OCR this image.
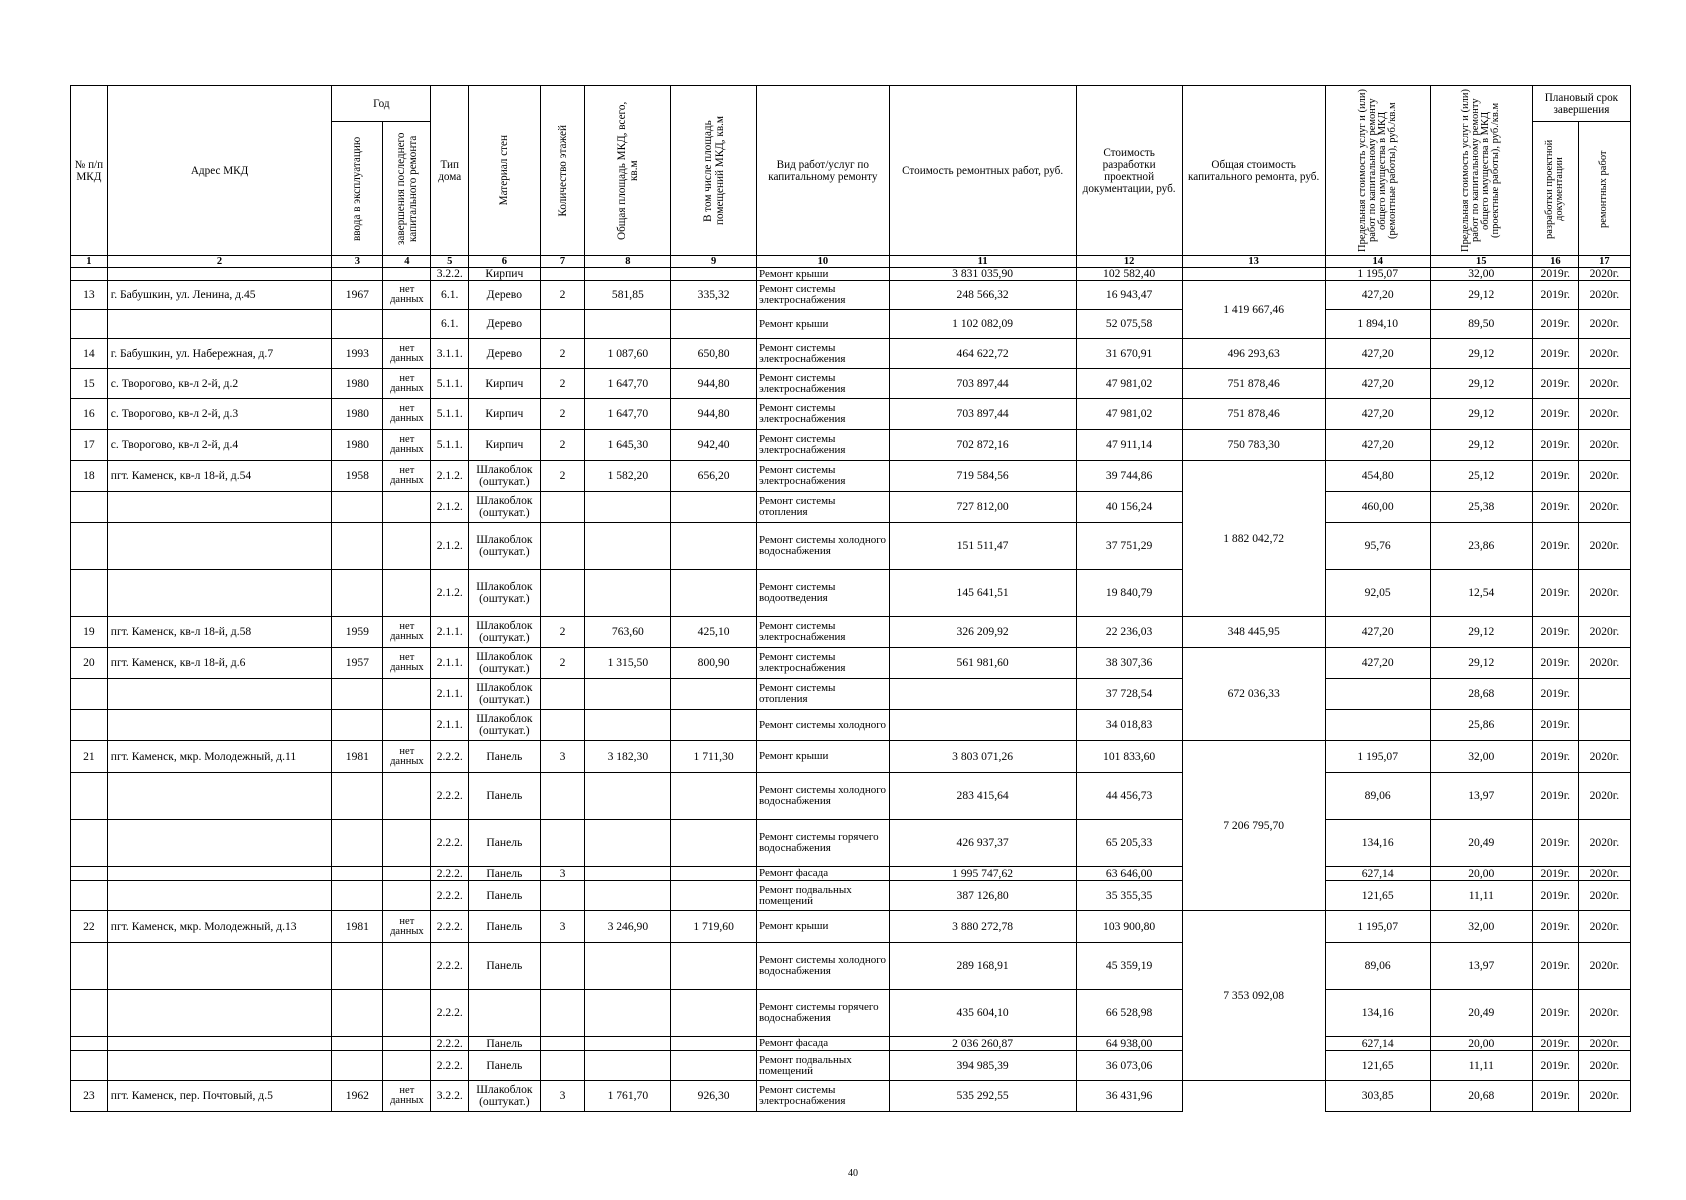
№ п/п МКД	Адрес МКД	Год		Тип дома	Материал стен	Количество этажей	Общая площадь МКД, всего, кв.м	В том числе площадь помещений МКД, кв.м	Вид работ/услуг по капитальному ремонту	Стоимость ремонтных работ, руб.	Стоимость разработки проектной документации, руб.	Общая стоимость капитального ремонта, руб.	Предельная стоимость услуг и (или) работ по капитальному ремонту общего имущества в МКД (ремонтные работы), руб./кв.м	Предельная стоимость услуг и (или) работ по капитальному ремонту общего имущества в МКД (проектные работы), руб./кв.м	Плановый срок завершения	

		ввода в эксплуатацию	завершения последнего капитального ремонта												разработки проектной документации	ремонтных работ

1	2	3	4	5	6	7	8	9	10	11	12	13	14	15	16	17
				3.2.2.	Кирпич				Ремонт крыши	3 831 035,90	102 582,40		1 195,07	32,00	2019г.	2020г.
13	г. Бабушкин, ул. Ленина, д.45	1967	нет данных	6.1.	Дерево	2	581,85	335,32	Ремонт системы электроснабжения	248 566,32	16 943,47	1 419 667,46	427,20	29,12	2019г.	2020г.
				6.1.	Дерево				Ремонт крыши	1 102 082,09	52 075,58		1 894,10	89,50	2019г.	2020г.
14	г. Бабушкин, ул. Набережная, д.7	1993	нет данных	3.1.1.	Дерево	2	1 087,60	650,80	Ремонт системы электроснабжения	464 622,72	31 670,91	496 293,63	427,20	29,12	2019г.	2020г.
15	с. Творогово, кв-л 2-й, д.2	1980	нет данных	5.1.1.	Кирпич	2	1 647,70	944,80	Ремонт системы электроснабжения	703 897,44	47 981,02	751 878,46	427,20	29,12	2019г.	2020г.
16	с. Творогово, кв-л 2-й, д.3	1980	нет данных	5.1.1.	Кирпич	2	1 647,70	944,80	Ремонт системы электроснабжения	703 897,44	47 981,02	751 878,46	427,20	29,12	2019г.	2020г.
17	с. Творогово, кв-л 2-й, д.4	1980	нет данных	5.1.1.	Кирпич	2	1 645,30	942,40	Ремонт системы электроснабжения	702 872,16	47 911,14	750 783,30	427,20	29,12	2019г.	2020г.
18	пгт. Каменск, кв-л 18-й, д.54	1958	нет данных	2.1.2.	Шлакоблок (оштукат.)	2	1 582,20	656,20	Ремонт системы электроснабжения	719 584,56	39 744,86	1 882 042,72	454,80	25,12	2019г.	2020г.
				2.1.2.	Шлакоблок (оштукат.)				Ремонт системы отопления	727 812,00	40 156,24		460,00	25,38	2019г.	2020г.
				2.1.2.	Шлакоблок (оштукат.)				Ремонт системы холодного водоснабжения	151 511,47	37 751,29		95,76	23,86	2019г.	2020г.
				2.1.2.	Шлакоблок (оштукат.)				Ремонт системы водоотведения	145 641,51	19 840,79		92,05	12,54	2019г.	2020г.
19	пгт. Каменск, кв-л 18-й, д.58	1959	нет данных	2.1.1.	Шлакоблок (оштукат.)	2	763,60	425,10	Ремонт системы электроснабжения	326 209,92	22 236,03	348 445,95	427,20	29,12	2019г.	2020г.
20	пгт. Каменск, кв-л 18-й, д.6	1957	нет данных	2.1.1.	Шлакоблок (оштукат.)	2	1 315,50	800,90	Ремонт системы электроснабжения	561 981,60	38 307,36	672 036,33	427,20	29,12	2019г.	2020г.
				2.1.1.	Шлакоблок (оштукат.)				Ремонт системы отопления		37 728,54			28,68	2019г.	
				2.1.1.	Шлакоблок (оштукат.)				Ремонт системы холодного		34 018,83			25,86	2019г.	
21	пгт. Каменск, мкр. Молодежный, д.11	1981	нет данных	2.2.2.	Панель	3	3 182,30	1 711,30	Ремонт крыши	3 803 071,26	101 833,60	7 206 795,70	1 195,07	32,00	2019г.	2020г.
				2.2.2.	Панель				Ремонт системы холодного водоснабжения	283 415,64	44 456,73		89,06	13,97	2019г.	2020г.
				2.2.2.	Панель				Ремонт системы горячего водоснабжения	426 937,37	65 205,33		134,16	20,49	2019г.	2020г.
				2.2.2.	Панель	3			Ремонт фасада	1 995 747,62	63 646,00		627,14	20,00	2019г.	2020г.
				2.2.2.	Панель				Ремонт подвальных помещений	387 126,80	35 355,35		121,65	11,11	2019г.	2020г.
22	пгт. Каменск, мкр. Молодежный, д.13	1981	нет данных	2.2.2.	Панель	3	3 246,90	1 719,60	Ремонт крыши	3 880 272,78	103 900,80	7 353 092,08	1 195,07	32,00	2019г.	2020г.
				2.2.2.	Панель				Ремонт системы холодного водоснабжения	289 168,91	45 359,19		89,06	13,97	2019г.	2020г.
				2.2.2.					Ремонт системы горячего водоснабжения	435 604,10	66 528,98		134,16	20,49	2019г.	2020г.
				2.2.2.	Панель				Ремонт фасада	2 036 260,87	64 938,00		627,14	20,00	2019г.	2020г.
				2.2.2.	Панель				Ремонт подвальных помещений	394 985,39	36 073,06		121,65	11,11	2019г.	2020г.
23	пгт. Каменск, пер. Почтовый, д.5	1962	нет данных	3.2.2.	Шлакоблок (оштукат.)	3	1 761,70	926,30	Ремонт системы электроснабжения	535 292,55	36 431,96		303,85	20,68	2019г.	2020г.
40
